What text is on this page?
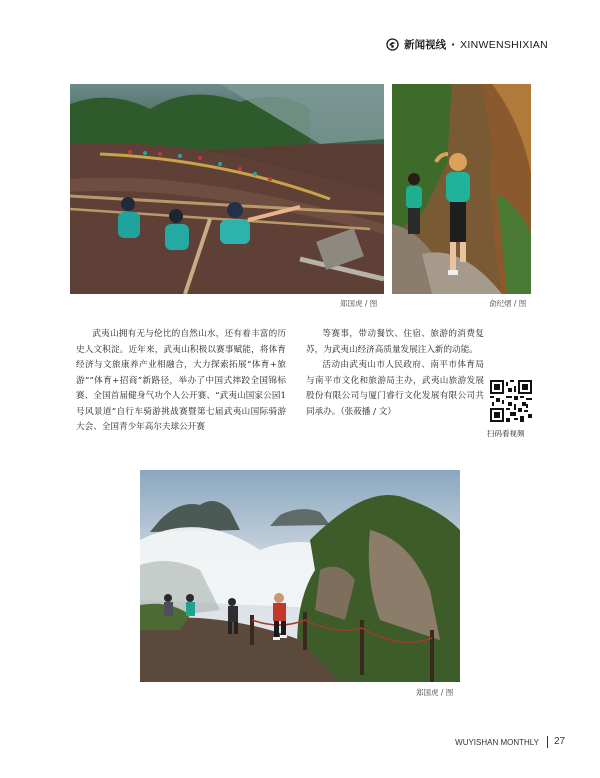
新闻视线 · XINWENSHIXIAN
郑国虎 / 图	俞纪熠 / 图

武夷山拥有无与伦比的自然山水，还有着丰富的历史人文积淀。近年来，武夷山积极以赛事赋能，将体育经济与文旅康养产业相融合，大力探索拓展“体育+旅游”“体育+招商”新路径，举办了中国式摔跤全国锦标赛、全国首届健身气功个人公开赛、“武夷山国家公园1号风景道”自行车骑游挑战赛暨第七届武夷山国际骑游大会、全国青少年高尔夫球公开赛

等赛事，带动餐饮、住宿、旅游的消费复苏，为武夷山经济高质量发展注入新的动能。

活动由武夷山市人民政府、南平市体育局与南平市文化和旅游局主办，武夷山旅游发展股份有限公司与厦门睿行文化发展有限公司共同承办。（张莜播 / 文）

扫码看视频
郑国虎 / 图
WUYISHAN MONTHLY 27
